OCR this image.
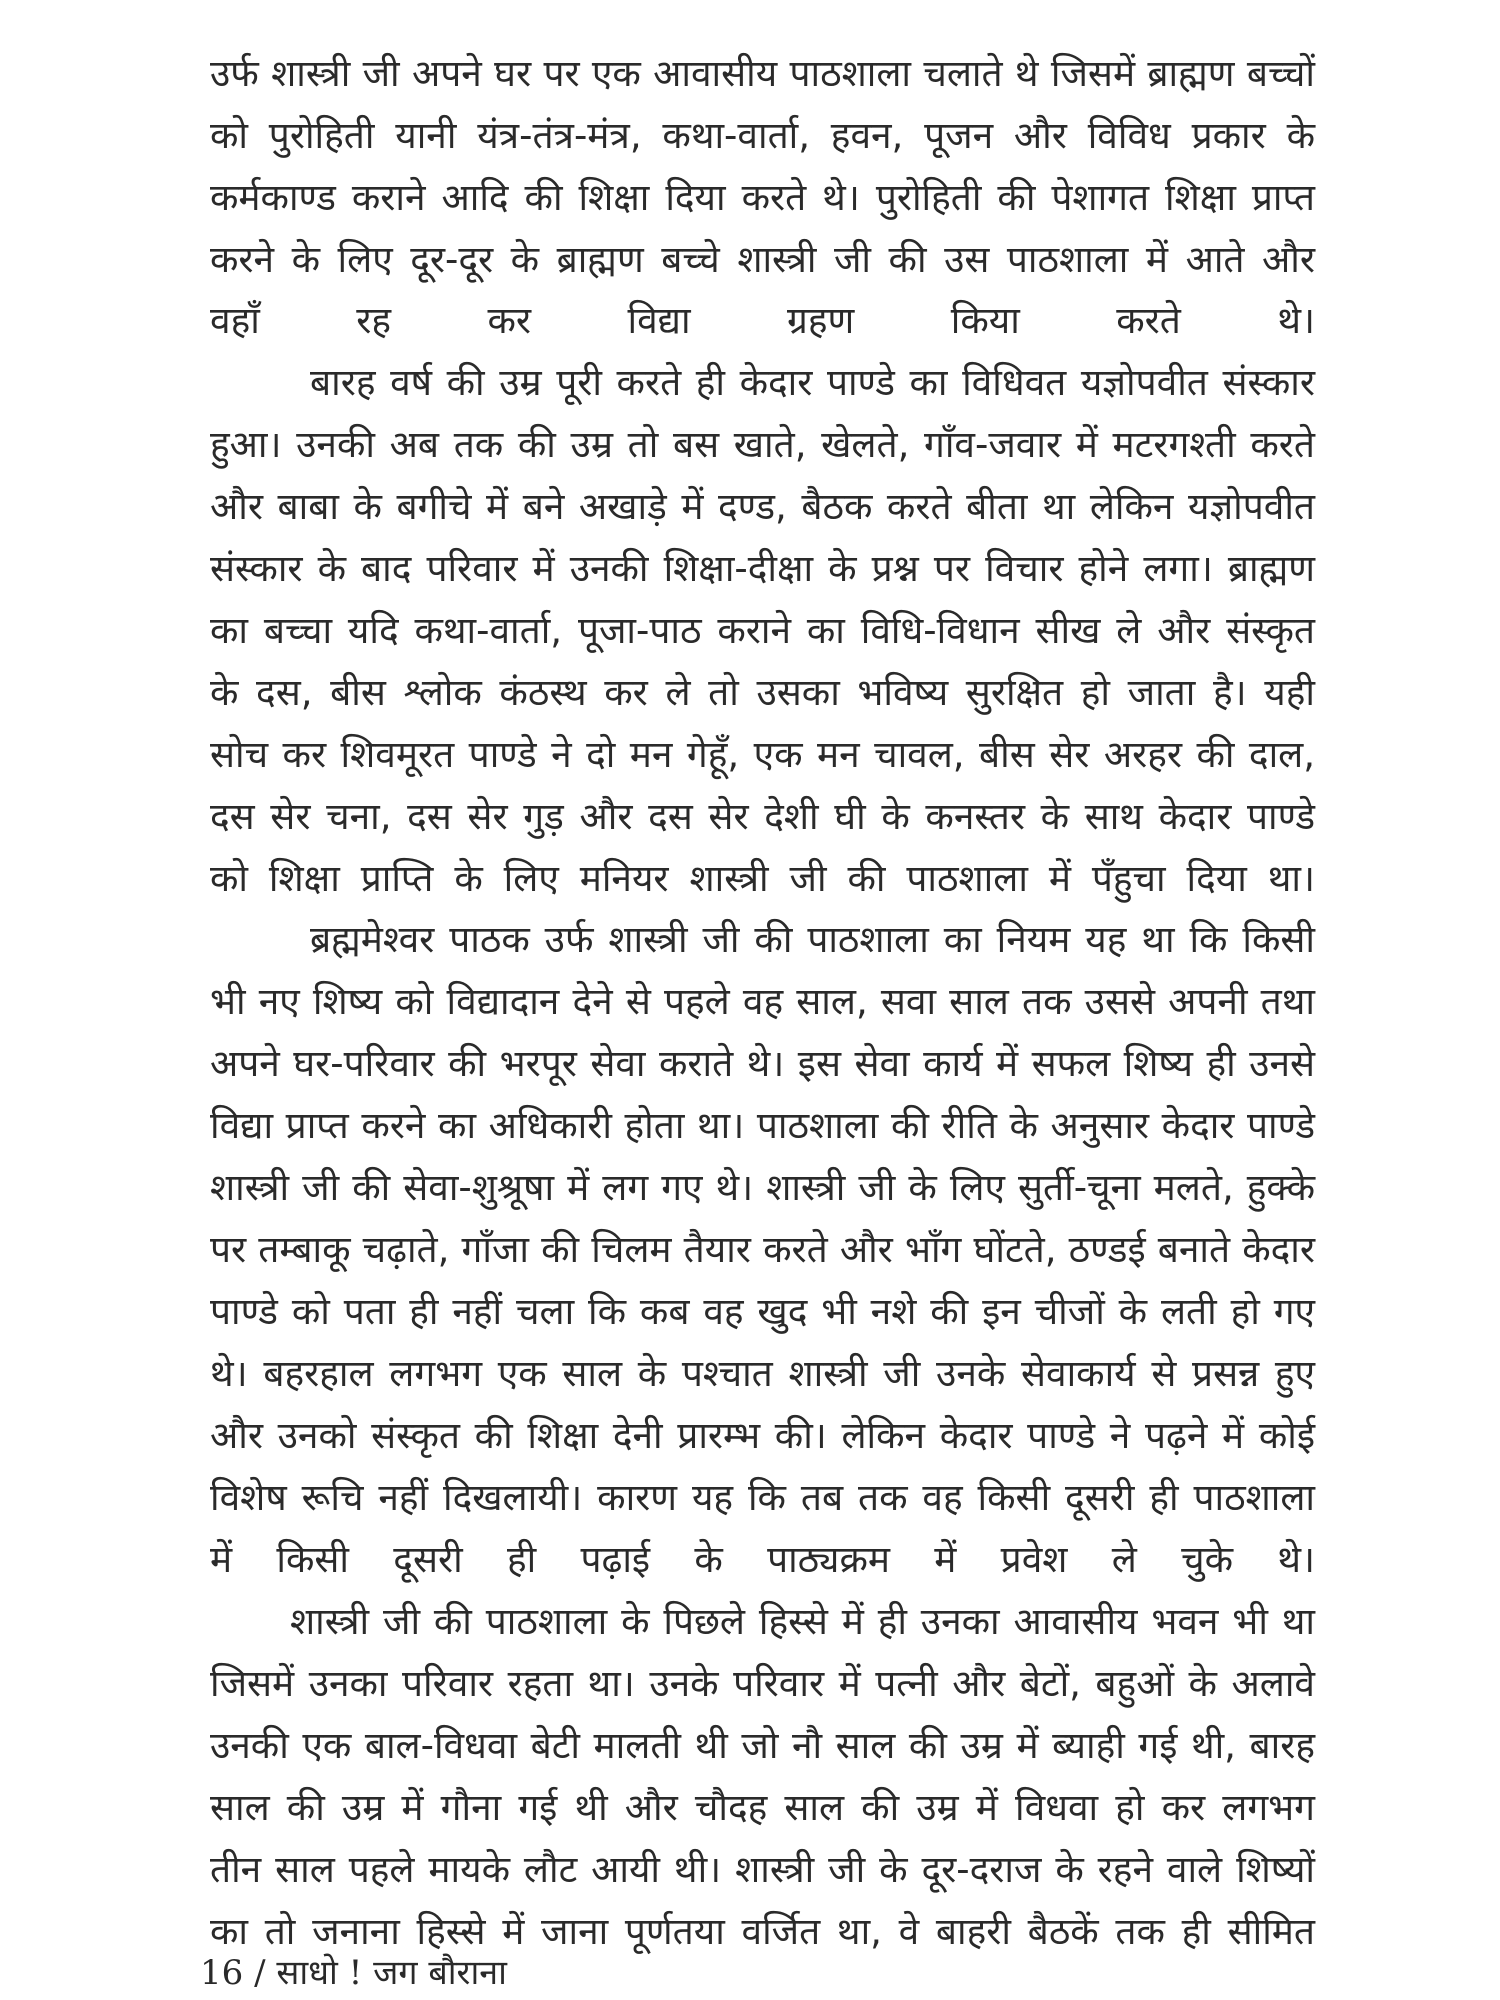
उर्फ शास्त्री जी अपने घर पर एक आवासीय पाठशाला चलाते थे जिसमें ब्राह्मण बच्चों
को पुरोहिती यानी यंत्र-तंत्र-मंत्र, कथा-वार्ता, हवन, पूजन और विविध प्रकार के
कर्मकाण्ड कराने आदि की शिक्षा दिया करते थे। पुरोहिती की पेशागत शिक्षा प्राप्त
करने के लिए दूर-दूर के ब्राह्मण बच्चे शास्त्री जी की उस पाठशाला में आते और
वहाँ रह कर विद्या ग्रहण किया करते थे।
बारह वर्ष की उम्र पूरी करते ही केदार पाण्डे का विधिवत यज्ञोपवीत संस्कार
हुआ। उनकी अब तक की उम्र तो बस खाते, खेलते, गाँव-जवार में मटरगश्ती करते
और बाबा के बगीचे में बने अखाड़े में दण्ड, बैठक करते बीता था लेकिन यज्ञोपवीत
संस्कार के बाद परिवार में उनकी शिक्षा-दीक्षा के प्रश्न पर विचार होने लगा। ब्राह्मण
का बच्चा यदि कथा-वार्ता, पूजा-पाठ कराने का विधि-विधान सीख ले और संस्कृत
के दस, बीस श्लोक कंठस्थ कर ले तो उसका भविष्य सुरक्षित हो जाता है। यही
सोच कर शिवमूरत पाण्डे ने दो मन गेहूँ, एक मन चावल, बीस सेर अरहर की दाल,
दस सेर चना, दस सेर गुड़ और दस सेर देशी घी के कनस्तर के साथ केदार पाण्डे
को शिक्षा प्राप्ति के लिए मनियर शास्त्री जी की पाठशाला में पँहुचा दिया था।
ब्रह्ममेश्वर पाठक उर्फ शास्त्री जी की पाठशाला का नियम यह था कि किसी
भी नए शिष्य को विद्यादान देने से पहले वह साल, सवा साल तक उससे अपनी तथा
अपने घर-परिवार की भरपूर सेवा कराते थे। इस सेवा कार्य में सफल शिष्य ही उनसे
विद्या प्राप्त करने का अधिकारी होता था। पाठशाला की रीति के अनुसार केदार पाण्डे
शास्त्री जी की सेवा-शुश्रूषा में लग गए थे। शास्त्री जी के लिए सुर्ती-चूना मलते, हुक्के
पर तम्बाकू चढ़ाते, गाँजा की चिलम तैयार करते और भाँग घोंटते, ठण्डई बनाते केदार
पाण्डे को पता ही नहीं चला कि कब वह खुद भी नशे की इन चीजों के लती हो गए
थे। बहरहाल लगभग एक साल के पश्चात शास्त्री जी उनके सेवाकार्य से प्रसन्न हुए
और उनको संस्कृत की शिक्षा देनी प्रारम्भ की। लेकिन केदार पाण्डे ने पढ़ने में कोई
विशेष रूचि नहीं दिखलायी। कारण यह कि तब तक वह किसी दूसरी ही पाठशाला
में किसी दूसरी ही पढ़ाई के पाठ्यक्रम में प्रवेश ले चुके थे।
शास्त्री जी की पाठशाला के पिछले हिस्से में ही उनका आवासीय भवन भी था
जिसमें उनका परिवार रहता था। उनके परिवार में पत्नी और बेटों, बहुओं के अलावे
उनकी एक बाल-विधवा बेटी मालती थी जो नौ साल की उम्र में ब्याही गई थी, बारह
साल की उम्र में गौना गई थी और चौदह साल की उम्र में विधवा हो कर लगभग
तीन साल पहले मायके लौट आयी थी। शास्त्री जी के दूर-दराज के रहने वाले शिष्यों
का तो जनाना हिस्से में जाना पूर्णतया वर्जित था, वे बाहरी बैठकें तक ही सीमित
16 / साधो ! जग बौराना
